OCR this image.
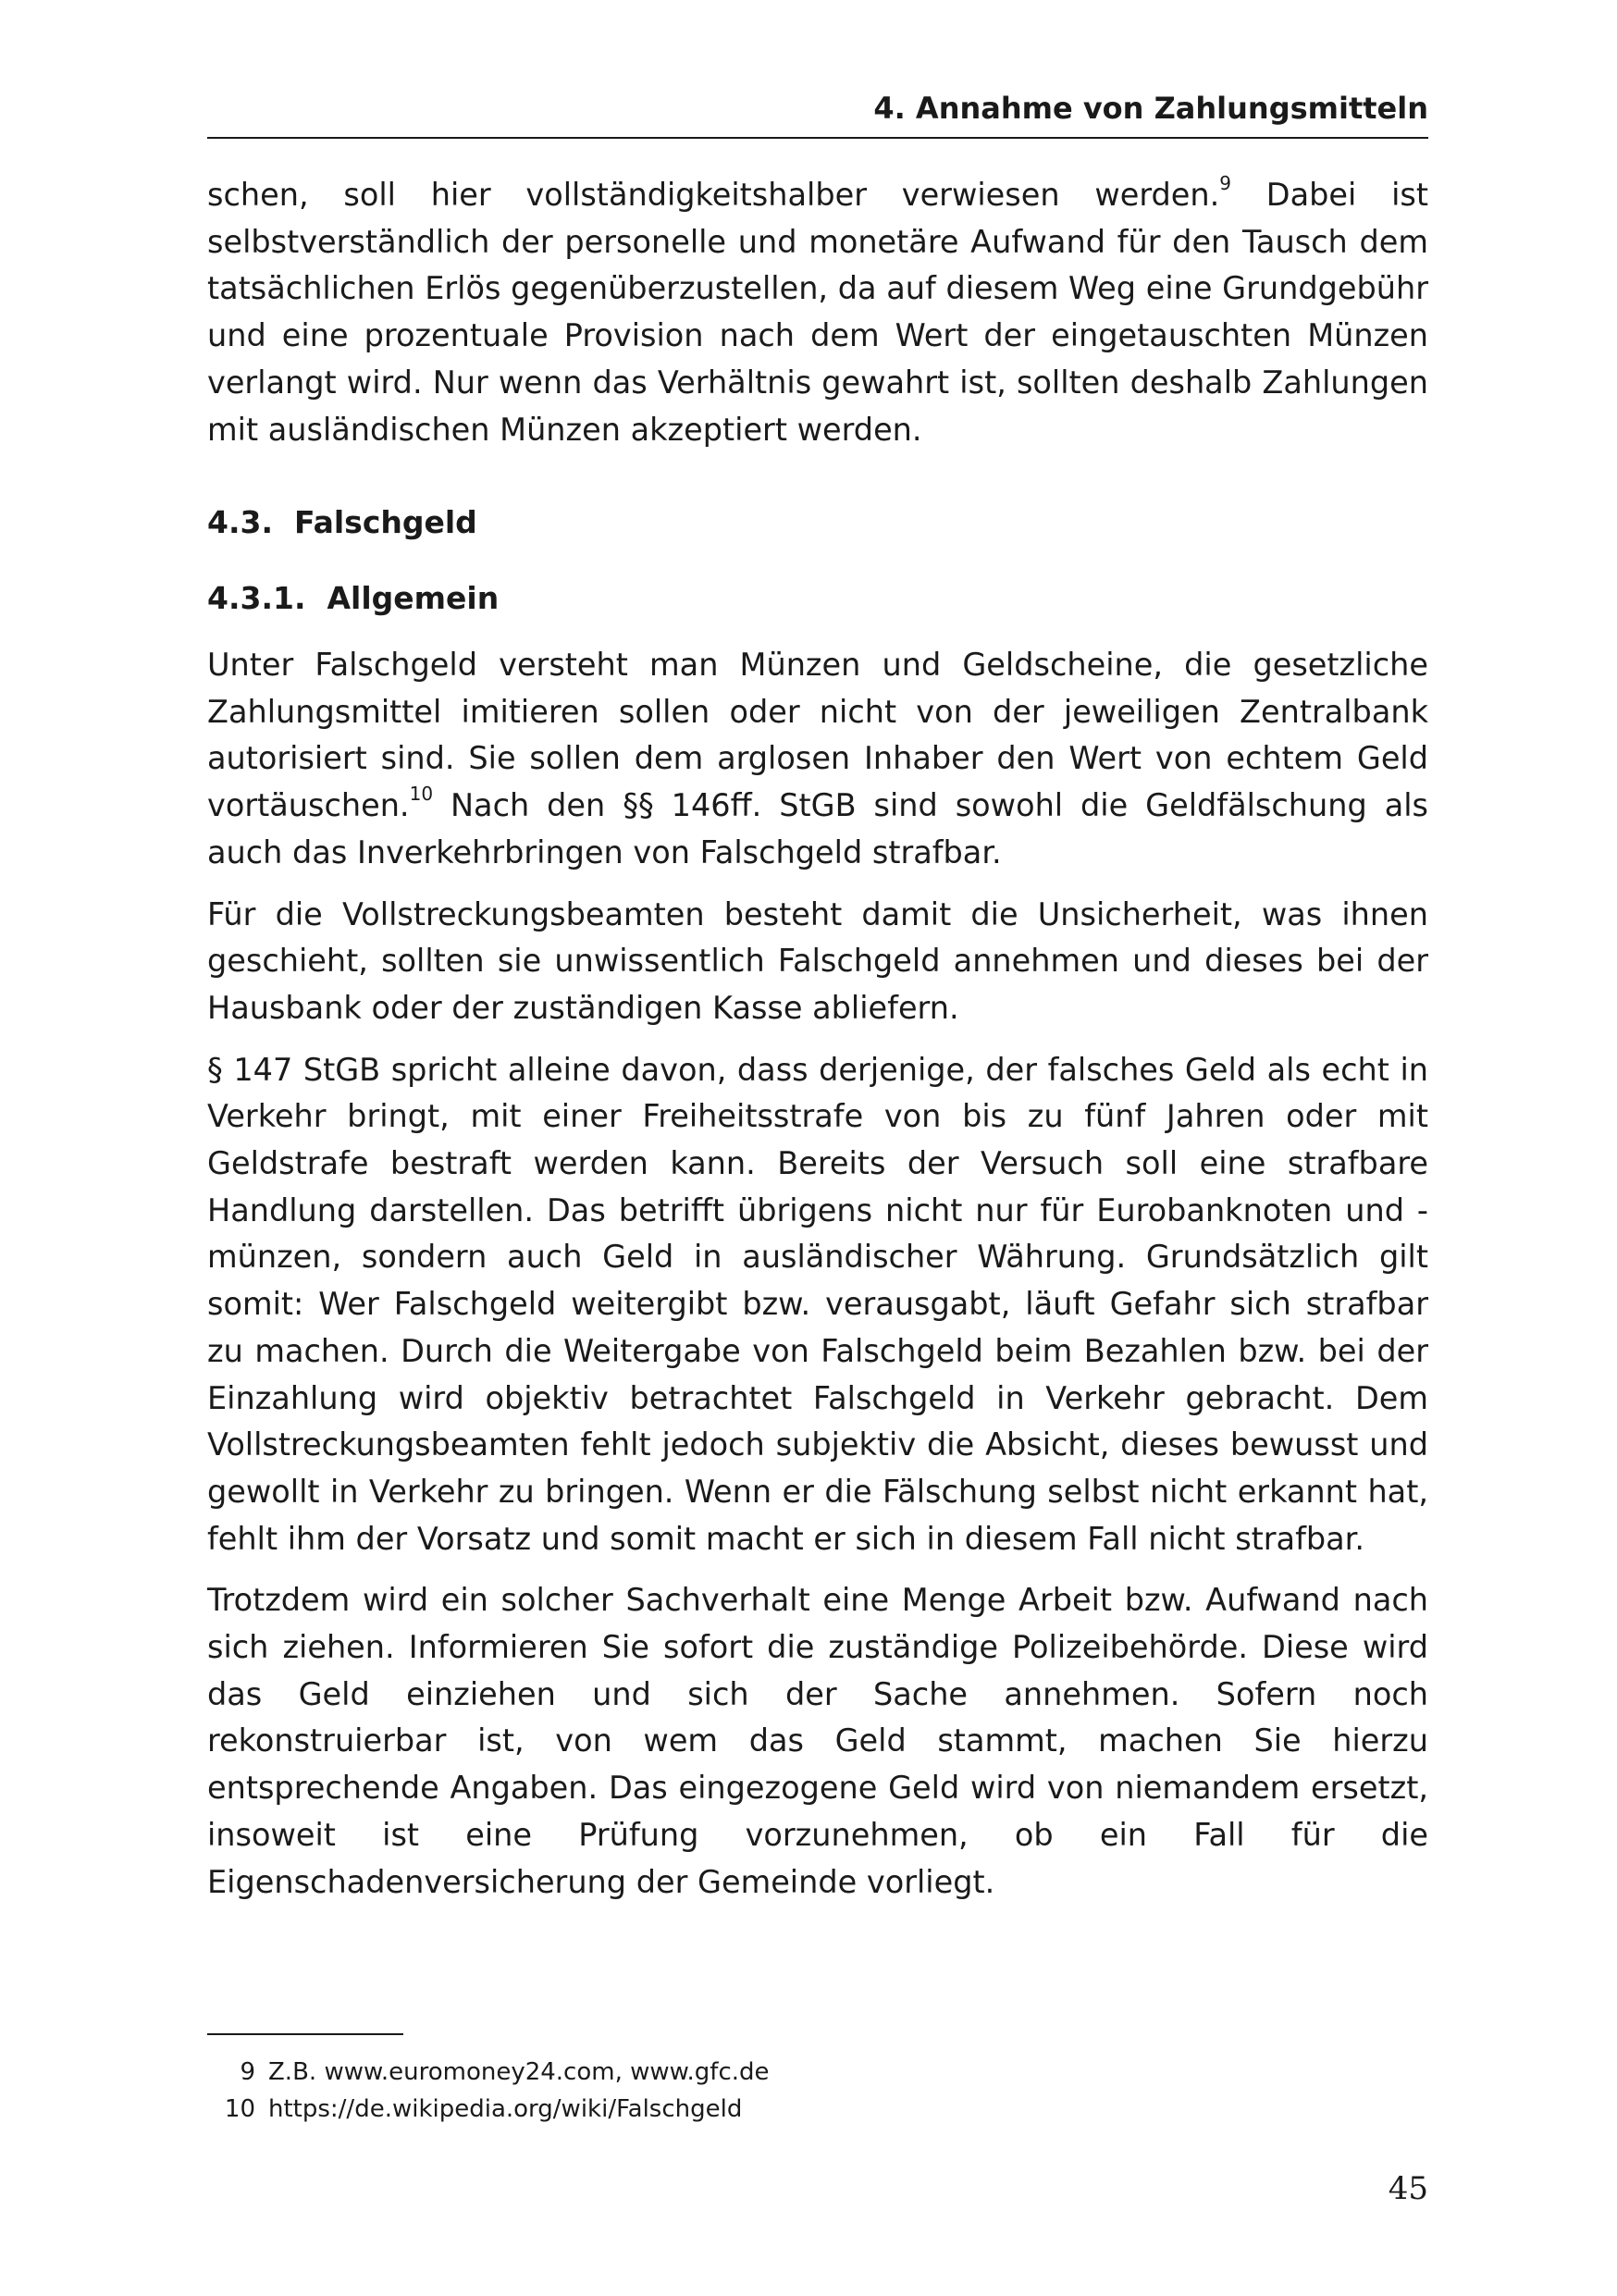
4. Annahme von Zahlungsmitteln

schen, soll hier vollständigkeitshalber verwiesen werden.$^9$ Dabei ist selbstverständlich der personelle und monetäre Aufwand für den Tausch dem tatsächlichen Erlös gegenüberzustellen, da auf diesem Weg eine Grundgebühr und eine prozentuale Provision nach dem Wert der eingetauschten Münzen verlangt wird. Nur wenn das Verhältnis gewahrt ist, sollten deshalb Zahlungen mit ausländischen Münzen akzeptiert werden.

4.3. Falschgeld
4.3.1. Allgemein

Unter Falschgeld versteht man Münzen und Geldscheine, die gesetzliche Zahlungsmittel imitieren sollen oder nicht von der jeweiligen Zentralbank autorisiert sind. Sie sollen dem arglosen Inhaber den Wert von echtem Geld vortäuschen.$^{10}$ Nach den §§ 146ff. StGB sind sowohl die Geldfälschung als auch das Inverkehrbringen von Falschgeld strafbar.

Für die Vollstreckungsbeamten besteht damit die Unsicherheit, was ihnen geschieht, sollten sie unwissentlich Falschgeld annehmen und dieses bei der Hausbank oder der zuständigen Kasse abliefern.

§ 147 StGB spricht alleine davon, dass derjenige, der falsches Geld als echt in Verkehr bringt, mit einer Freiheitsstrafe von bis zu fünf Jahren oder mit Geldstrafe bestraft werden kann. Bereits der Versuch soll eine strafbare Handlung darstellen. Das betrifft übrigens nicht nur für Eurobanknoten und -münzen, sondern auch Geld in ausländischer Währung. Grundsätzlich gilt somit: Wer Falschgeld weitergibt bzw. verausgabt, läuft Gefahr sich strafbar zu machen. Durch die Weitergabe von Falschgeld beim Bezahlen bzw. bei der Einzahlung wird objektiv betrachtet Falschgeld in Verkehr gebracht. Dem Vollstreckungsbeamten fehlt jedoch subjektiv die Absicht, dieses bewusst und gewollt in Verkehr zu bringen. Wenn er die Fälschung selbst nicht erkannt hat, fehlt ihm der Vorsatz und somit macht er sich in diesem Fall nicht strafbar.

Trotzdem wird ein solcher Sachverhalt eine Menge Arbeit bzw. Aufwand nach sich ziehen. Informieren Sie sofort die zuständige Polizeibehörde. Diese wird das Geld einziehen und sich der Sache annehmen. Sofern noch rekonstruierbar ist, von wem das Geld stammt, machen Sie hierzu entsprechende Angaben. Das eingezogene Geld wird von niemandem ersetzt, insoweit ist eine Prüfung vorzunehmen, ob ein Fall für die Eigenschadenversicherung der Gemeinde vorliegt.

9 Z.B. www.euromoney24.com, www.gfc.de
10 https://de.wikipedia.org/wiki/Falschgeld
45
